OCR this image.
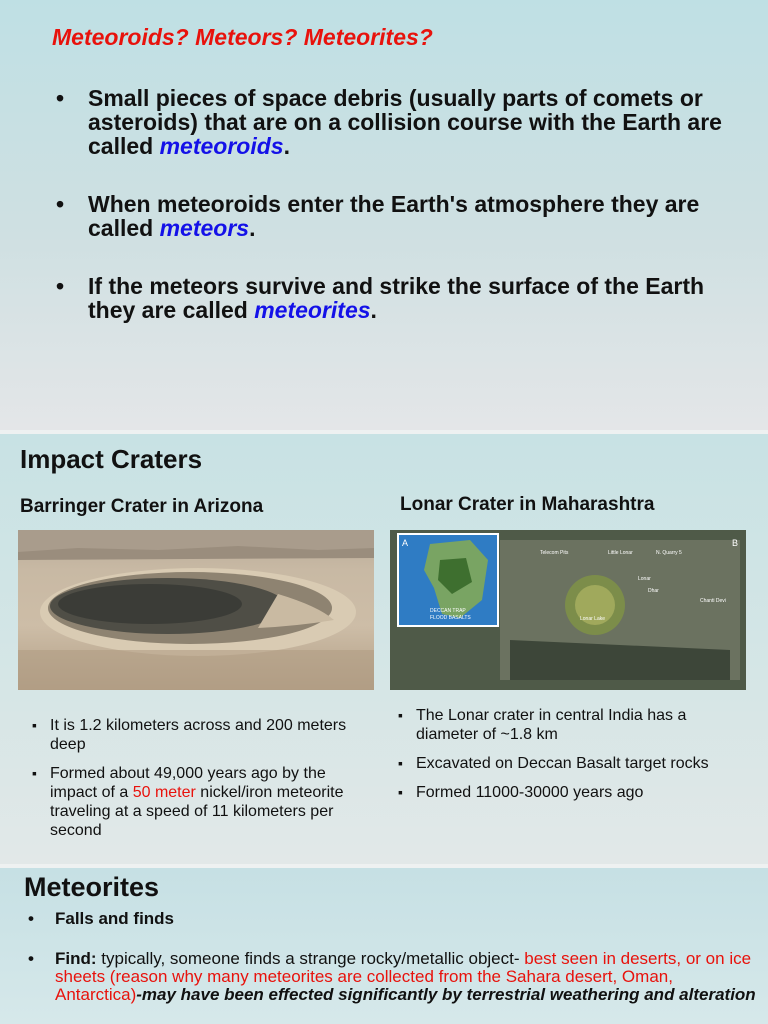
Meteoroids? Meteors? Meteorites?
• Small pieces of space debris (usually parts of comets or asteroids) that are on a collision course with the Earth are called meteoroids.
• When meteoroids enter the Earth's atmosphere they are called meteors.
• If the meteors survive and strike the surface of the Earth they are called meteorites.
Impact Craters
Barringer Crater in Arizona	Lonar Crater in Maharashtra
A	B
DECCAN TRAP
FLOOD BASALTS
Telecom Pits	Little Lonar	N. Quarry 5
Lonar
Dhar
Chanti Devi
Lonar Lake
▪ It is 1.2 kilometers across and 200 meters deep
▪ Formed about 49,000 years ago by the impact of a 50 meter nickel/iron meteorite traveling at a speed of 11 kilometers per second
▪ The Lonar crater in central India has a diameter of ~1.8 km
▪ Excavated on Deccan Basalt target rocks
▪ Formed 11000-30000 years ago
Meteorites
• Falls and finds
• Find: typically, someone finds a strange rocky/metallic object- best seen in deserts, or on ice sheets (reason why many meteorites are collected from the Sahara desert, Oman, Antarctica)-may have been effected significantly by terrestrial weathering and alteration
